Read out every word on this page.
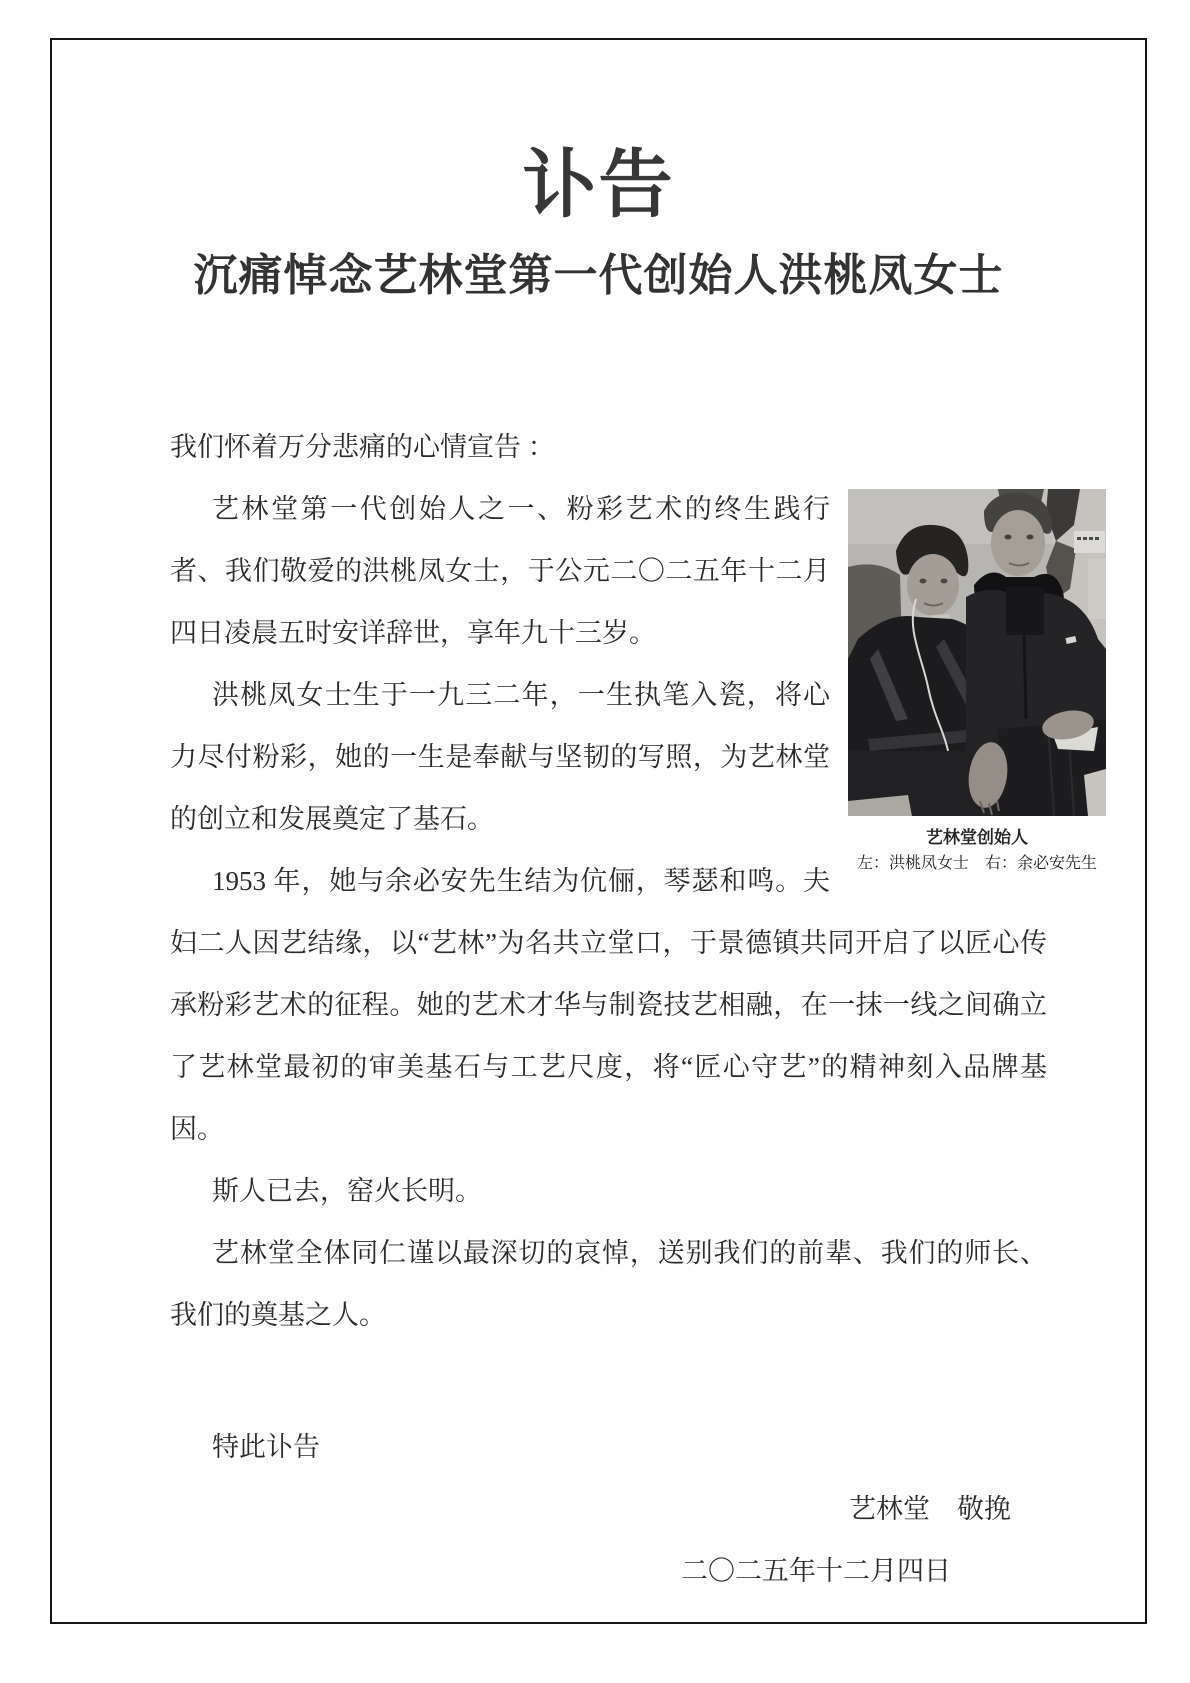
讣告
沉痛悼念艺林堂第一代创始人洪桃凤女士

我们怀着万分悲痛的心情宣告 ：

艺林堂第一代创始人之一、粉彩艺术的终生践行者、我们敬爱的洪桃凤女士，于公元二〇二五年十二月四日凌晨五时安详辞世，享年九十三岁。

洪桃凤女士生于一九三二年，一生执笔入瓷，将心力尽付粉彩，她的一生是奉献与坚韧的写照，为艺林堂的创立和发展奠定了基石。

1953 年，她与余必安先生结为伉俪，琴瑟和鸣。夫妇二人因艺结缘，以“艺林”为名共立堂口，于景德镇共同开启了以匠心传承粉彩艺术的征程。她的艺术才华与制瓷技艺相融，在一抹一线之间确立了艺林堂最初的审美基石与工艺尺度，将“匠心守艺”的精神刻入品牌基因。

斯人已去，窑火长明。

艺林堂全体同仁谨以最深切的哀悼，送别我们的前辈、我们的师长、我们的奠基之人。

特此讣告

艺林堂　敬挽

二〇二五年十二月四日

艺林堂创始人
左：洪桃凤女士　右：余必安先生
